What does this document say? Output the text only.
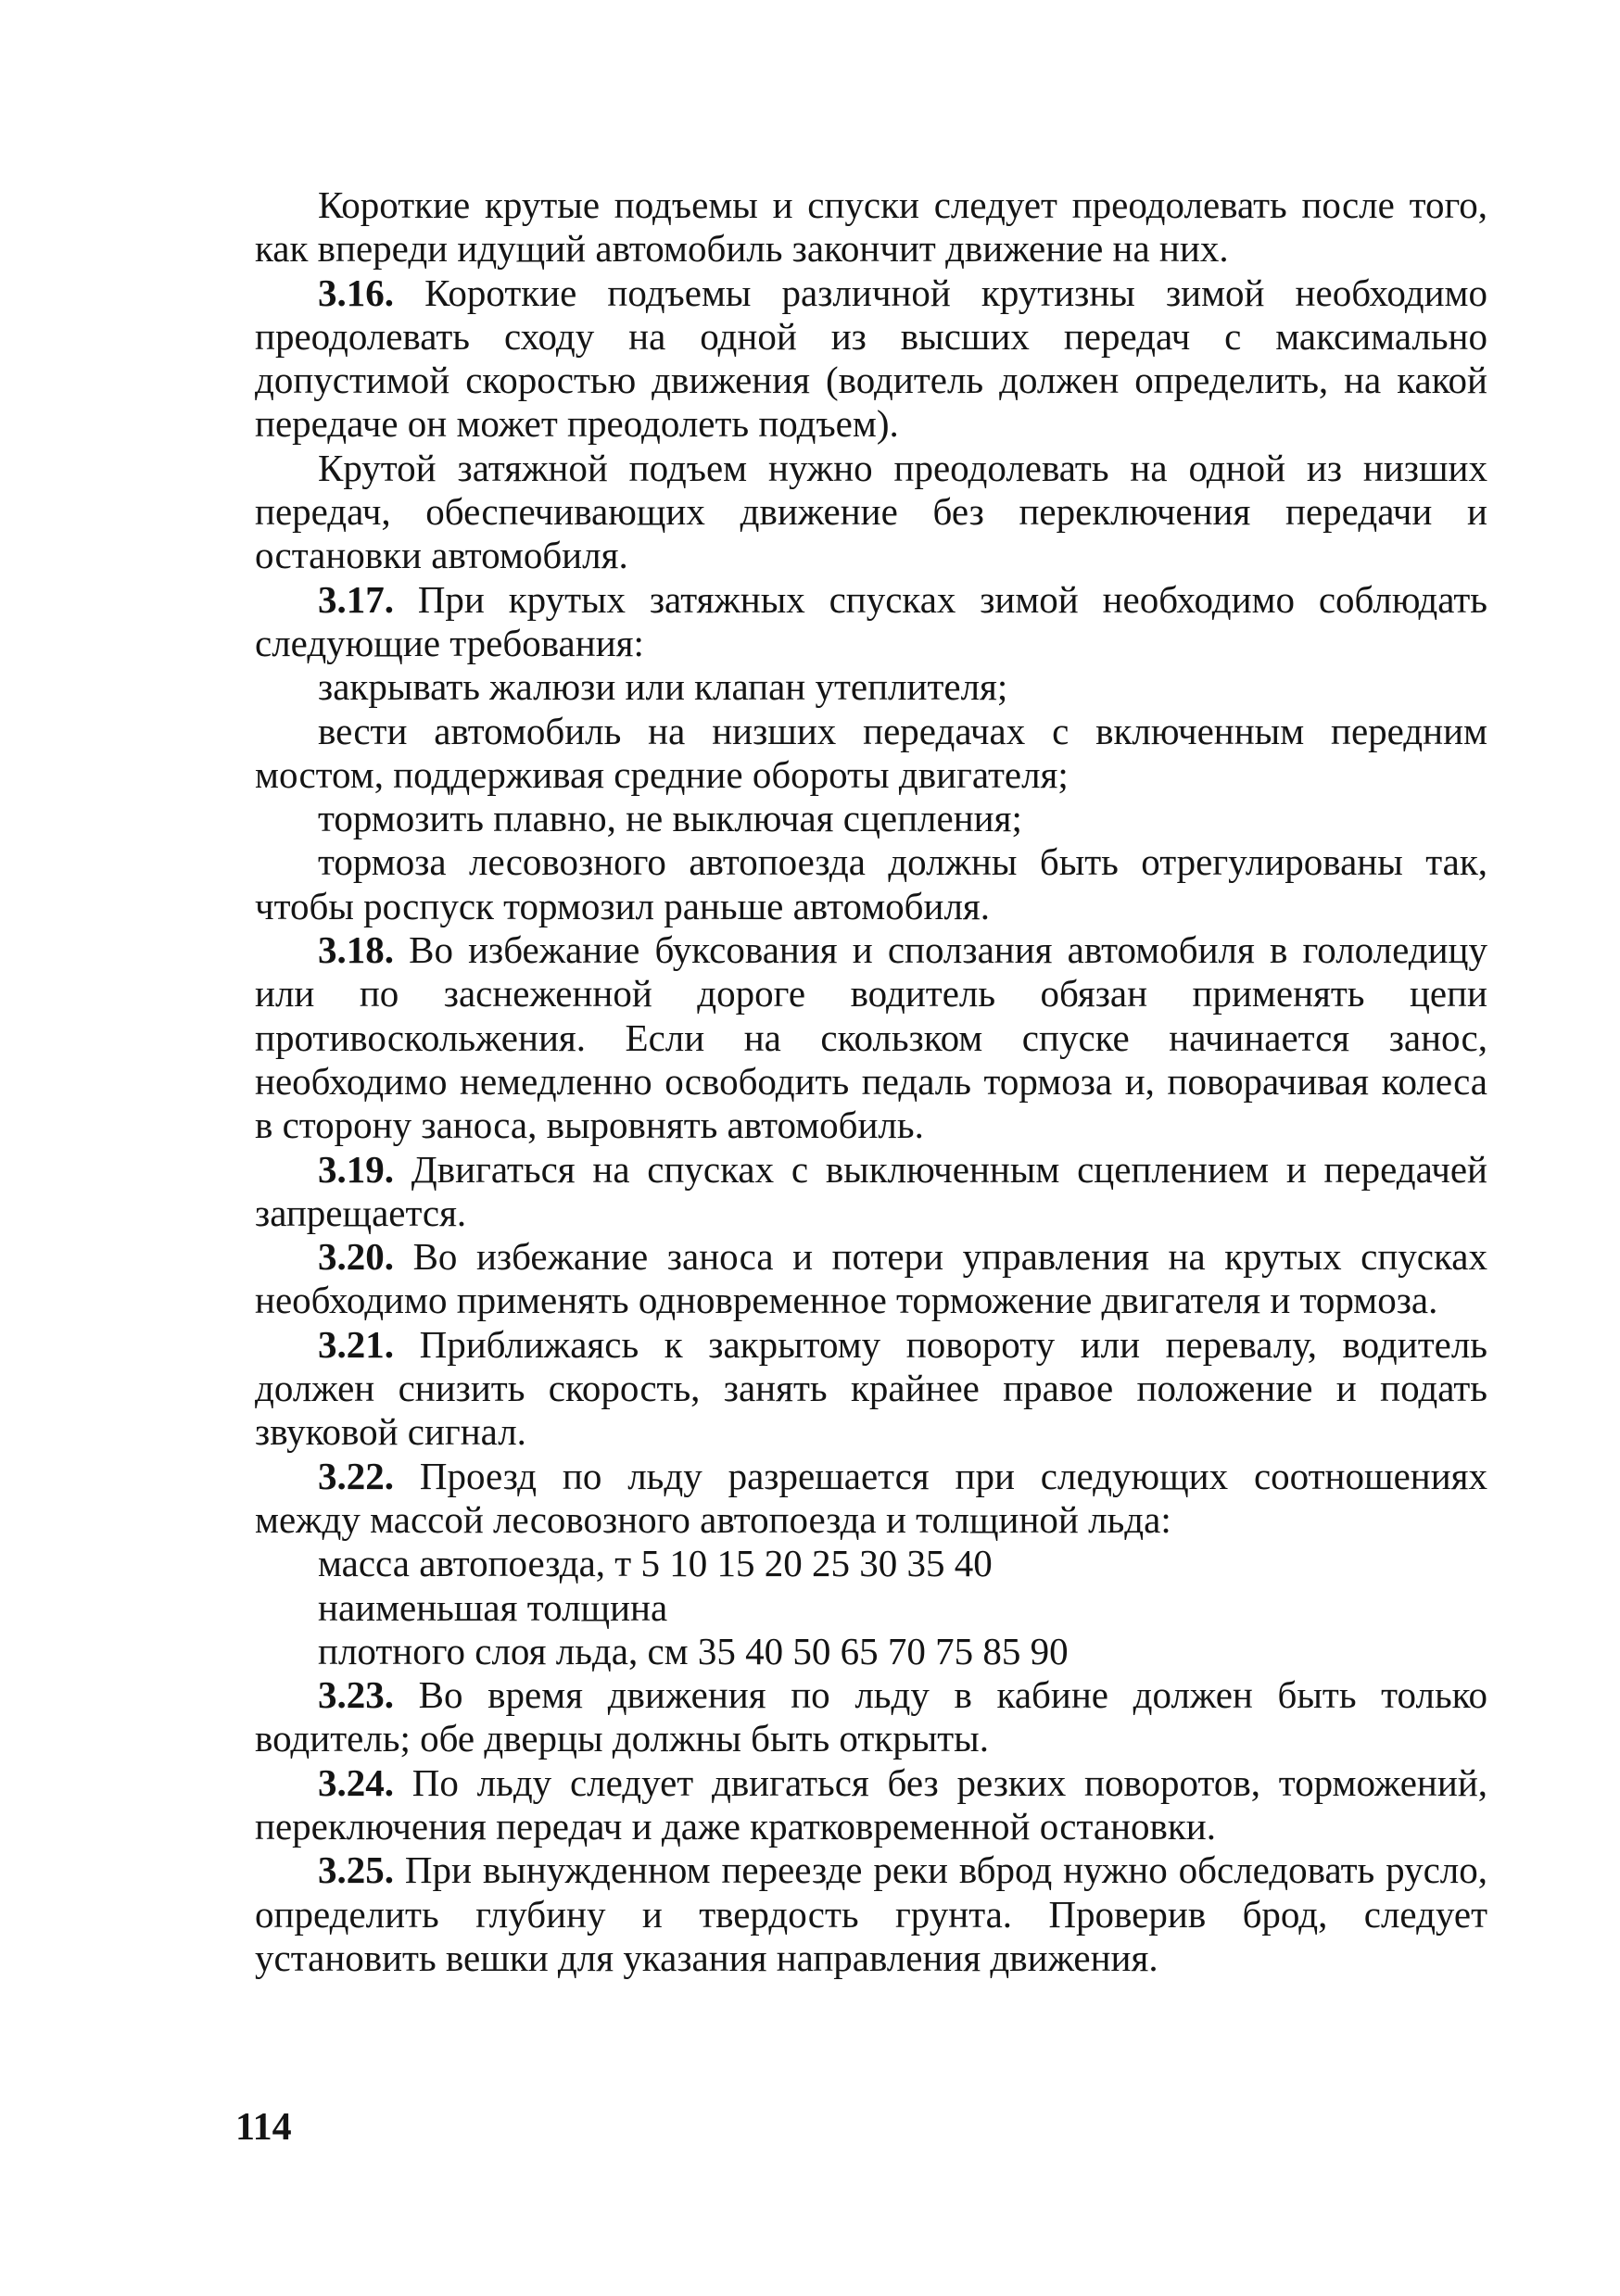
Короткие крутые подъемы и спуски следует преодолевать после того, как впереди идущий автомобиль закончит движение на них.

3.16. Короткие подъемы различной крутизны зимой необходимо преодолевать сходу на одной из высших передач с максимально допустимой скоростью движения (водитель должен определить, на какой передаче он может преодолеть подъем).

Крутой затяжной подъем нужно преодолевать на одной из низших передач, обеспечивающих движение без переключения передачи и остановки автомобиля.

3.17. При крутых затяжных спусках зимой необходимо соблюдать следующие требования:

закрывать жалюзи или клапан утеплителя;

вести автомобиль на низших передачах с включенным передним мостом, поддерживая средние обороты двигателя;

тормозить плавно, не выключая сцепления;

тормоза лесовозного автопоезда должны быть отрегулированы так, чтобы роспуск тормозил раньше автомобиля.

3.18. Во избежание буксования и сползания автомобиля в гололедицу или по заснеженной дороге водитель обязан применять цепи противоскольжения. Если на скользком спуске начинается занос, необходимо немедленно освободить педаль тормоза и, поворачивая колеса в сторону заноса, выровнять автомобиль.

3.19. Двигаться на спусках с выключенным сцеплением и передачей запрещается.

3.20. Во избежание заноса и потери управления на крутых спусках необходимо применять одновременное торможение двигателя и тормоза.

3.21. Приближаясь к закрытому повороту или перевалу, водитель должен снизить скорость, занять крайнее правое положение и подать звуковой сигнал.

3.22. Проезд по льду разрешается при следующих соотношениях между массой лесовозного автопоезда и толщиной льда:

масса автопоезда, т 5 10 15 20 25 30 35 40

наименьшая толщина

плотного слоя льда, см 35 40 50 65 70 75 85 90

3.23. Во время движения по льду в кабине должен быть только водитель; обе дверцы должны быть открыты.

3.24. По льду следует двигаться без резких поворотов, торможений, переключения передач и даже кратковременной остановки.

3.25. При вынужденном переезде реки вброд нужно обследовать русло, определить глубину и твердость грунта. Проверив брод, следует установить вешки для указания направления движения.

114
